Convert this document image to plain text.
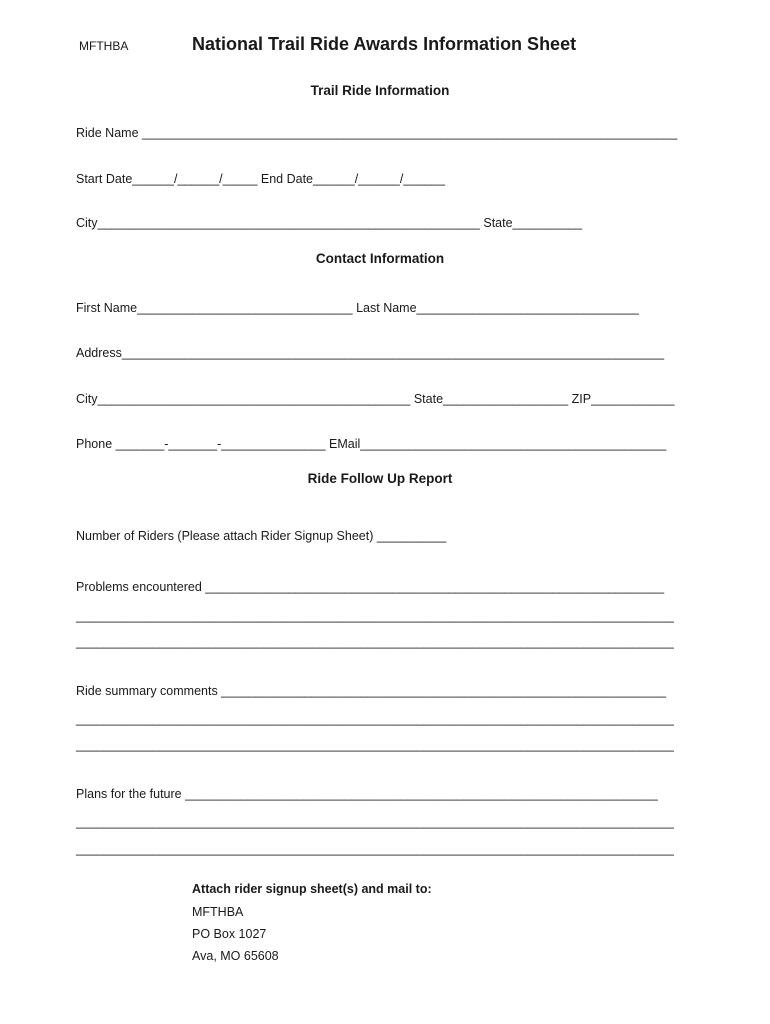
MFTHBA	National Trail Ride Awards Information Sheet
Trail Ride Information
Ride Name _____________________________________________________________________________
Start Date______/______/_____ End Date______/______/______
City_______________________________________________________ State__________
Contact Information
First Name_______________________________ Last Name________________________________
Address______________________________________________________________________________
City_____________________________________________ State__________________ ZIP____________
Phone _______-_______-_______________ EMail____________________________________________
Ride Follow Up Report
Number of Riders (Please attach Rider Signup Sheet) __________
Problems encountered __________________________________________________________________
______________________________________________________________________________________
______________________________________________________________________________________
Ride summary comments ________________________________________________________________
______________________________________________________________________________________
______________________________________________________________________________________
Plans for the future ____________________________________________________________________
______________________________________________________________________________________
______________________________________________________________________________________
Attach rider signup sheet(s) and mail to:
MFTHBA
PO Box 1027
Ava, MO 65608
